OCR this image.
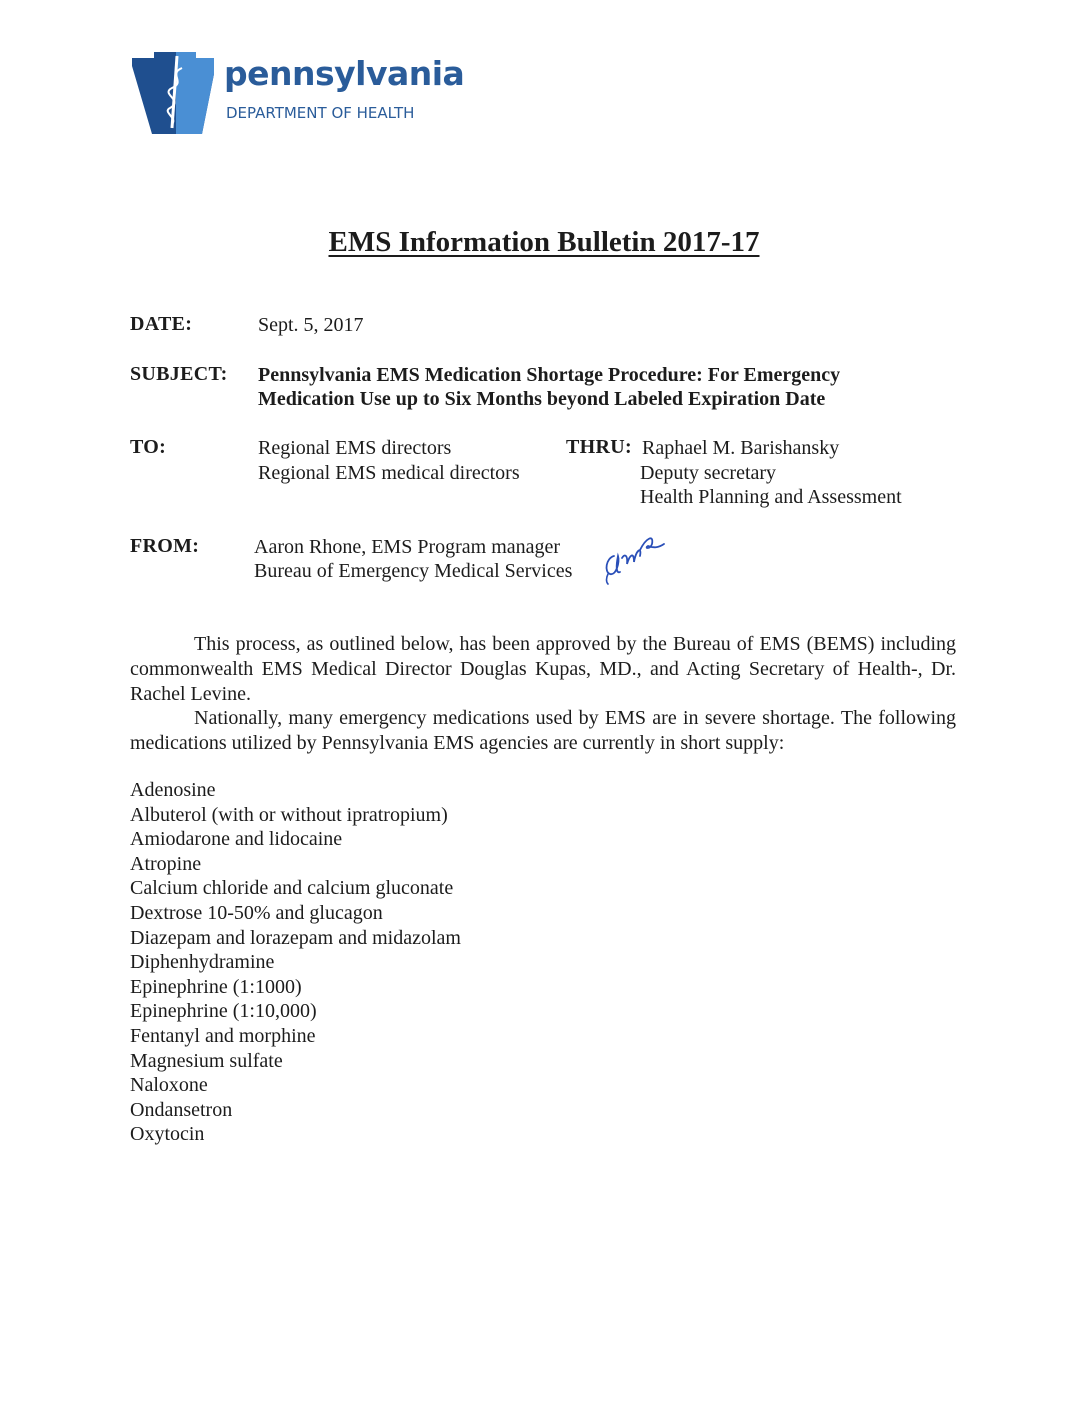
pennsylvania
DEPARTMENT OF HEALTH
EMS Information Bulletin 2017-17
DATE:	Sept. 5, 2017
SUBJECT: Pennsylvania EMS Medication Shortage Procedure: For Emergency
Medication Use up to Six Months beyond Labeled Expiration Date
TO:	Regional EMS directors
Regional EMS medical directors
THRU: Raphael M. Barishansky
Deputy secretary
Health Planning and Assessment
FROM:	Aaron Rhone, EMS Program manager
Bureau of Emergency Medical Services

This process, as outlined below, has been approved by the Bureau of EMS (BEMS) including commonwealth EMS Medical Director Douglas Kupas, MD., and Acting Secretary of Health-, Dr. Rachel Levine.

Nationally, many emergency medications used by EMS are in severe shortage. The following medications utilized by Pennsylvania EMS agencies are currently in short supply:

Adenosine
Albuterol (with or without ipratropium)
Amiodarone and lidocaine
Atropine
Calcium chloride and calcium gluconate
Dextrose 10-50% and glucagon
Diazepam and lorazepam and midazolam
Diphenhydramine
Epinephrine (1:1000)
Epinephrine (1:10,000)
Fentanyl and morphine
Magnesium sulfate
Naloxone
Ondansetron
Oxytocin
